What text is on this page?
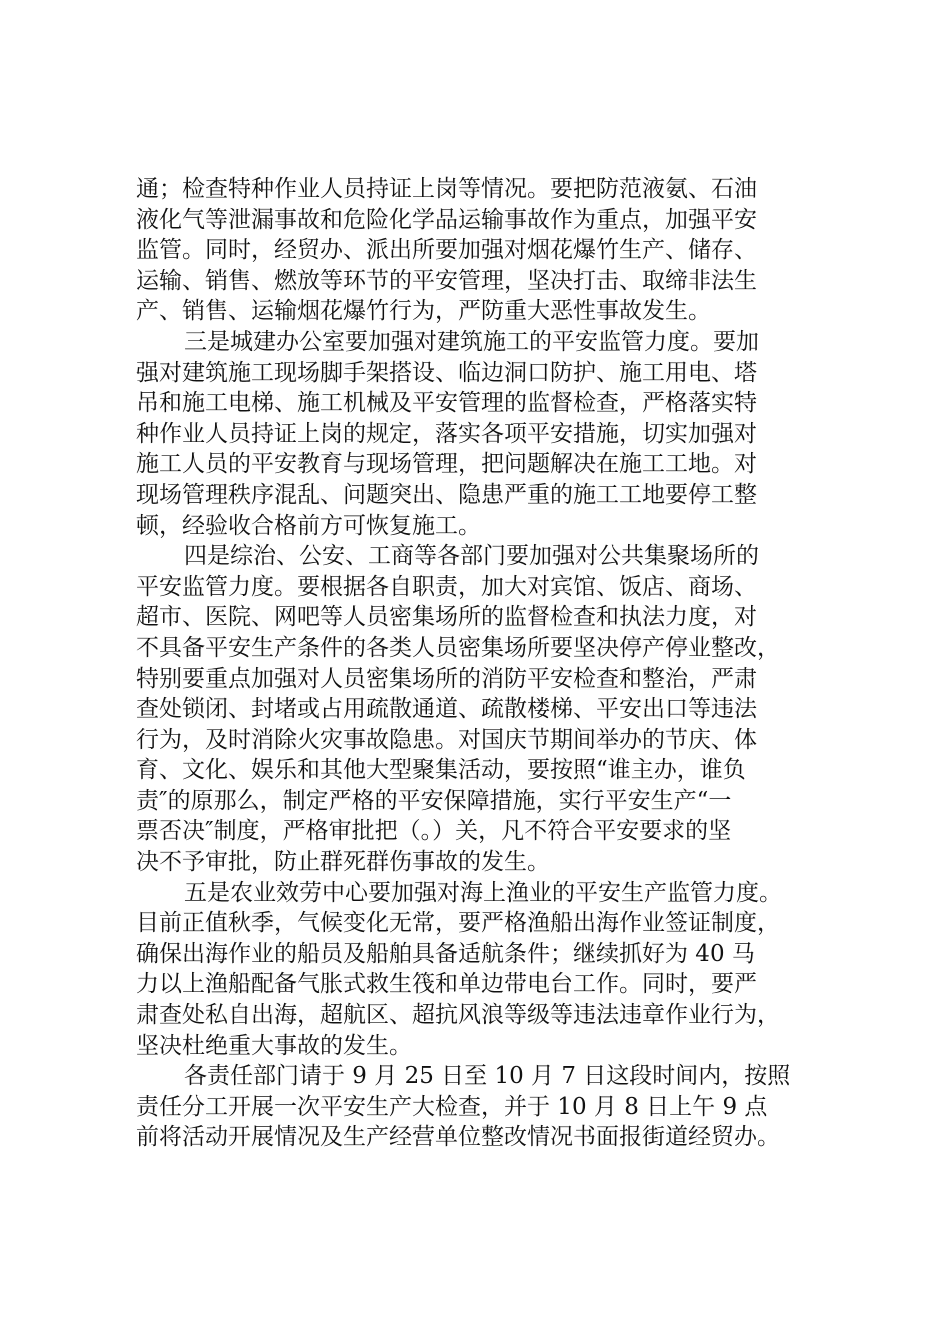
通；检查特种作业人员持证上岗等情况。要把防范液氨、石油
液化气等泄漏事故和危险化学品运输事故作为重点，加强平安
监管。同时，经贸办、派出所要加强对烟花爆竹生产、储存、
运输、销售、燃放等环节的平安管理，坚决打击、取缔非法生
产、销售、运输烟花爆竹行为，严防重大恶性事故发生。
三是城建办公室要加强对建筑施工的平安监管力度。要加
强对建筑施工现场脚手架搭设、临边洞口防护、施工用电、塔
吊和施工电梯、施工机械及平安管理的监督检查，严格落实特
种作业人员持证上岗的规定，落实各项平安措施，切实加强对
施工人员的平安教育与现场管理，把问题解决在施工工地。对
现场管理秩序混乱、问题突出、隐患严重的施工工地要停工整
顿，经验收合格前方可恢复施工。
四是综治、公安、工商等各部门要加强对公共集聚场所的
平安监管力度。要根据各自职责，加大对宾馆、饭店、商场、
超市、医院、网吧等人员密集场所的监督检查和执法力度，对
不具备平安生产条件的各类人员密集场所要坚决停产停业整改，
特别要重点加强对人员密集场所的消防平安检查和整治，严肃
查处锁闭、封堵或占用疏散通道、疏散楼梯、平安出口等违法
行为，及时消除火灾事故隐患。对国庆节期间举办的节庆、体
育、文化、娱乐和其他大型聚集活动，要按照“谁主办，谁负
责″的原那么，制定严格的平安保障措施，实行平安生产“一
票否决″制度，严格审批把（。）关，凡不符合平安要求的坚
决不予审批，防止群死群伤事故的发生。
五是农业效劳中心要加强对海上渔业的平安生产监管力度。
目前正值秋季，气候变化无常，要严格渔船出海作业签证制度，
确保出海作业的船员及船舶具备适航条件；继续抓好为 40 马
力以上渔船配备气胀式救生筏和单边带电台工作。同时，要严
肃查处私自出海，超航区、超抗风浪等级等违法违章作业行为，
坚决杜绝重大事故的发生。
各责任部门请于 9 月 25 日至 10 月 7 日这段时间内，按照
责任分工开展一次平安生产大检查，并于 10 月 8 日上午 9 点
前将活动开展情况及生产经营单位整改情况书面报街道经贸办。
